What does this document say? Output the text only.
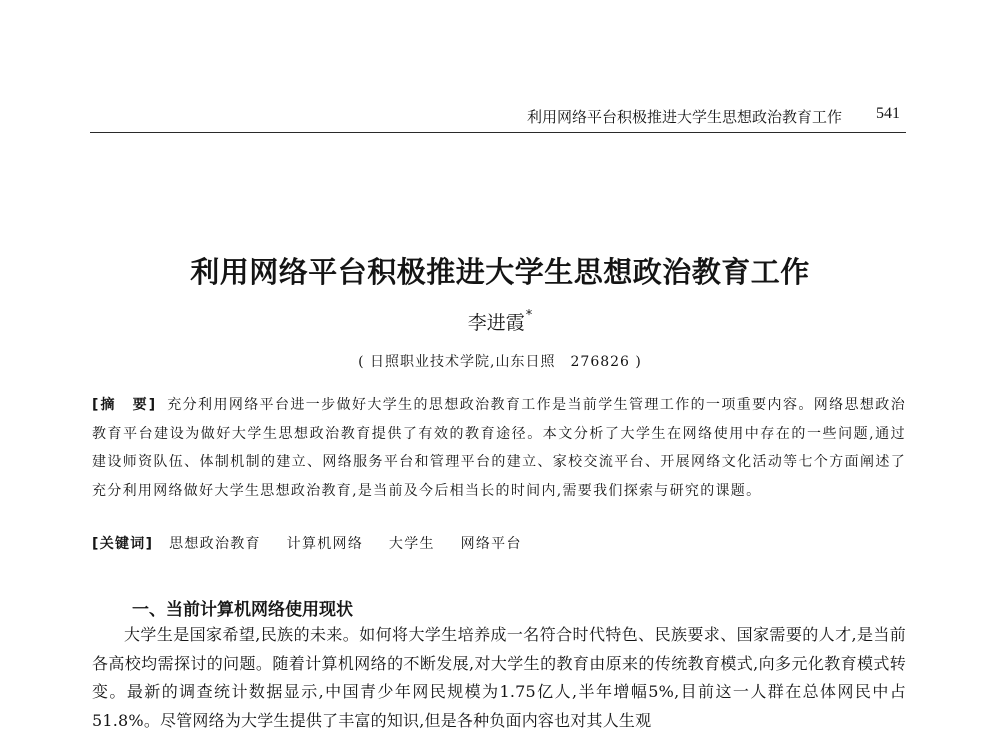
利用网络平台积极推进大学生思想政治教育工作 541
利用网络平台积极推进大学生思想政治教育工作
李进霞*
( 日照职业技术学院,山东日照　276826 )
[摘　要] 充分利用网络平台进一步做好大学生的思想政治教育工作是当前学生管理工作的一项重要内容。网络思想政治教育平台建设为做好大学生思想政治教育提供了有效的教育途径。本文分析了大学生在网络使用中存在的一些问题,通过建设师资队伍、体制机制的建立、网络服务平台和管理平台的建立、家校交流平台、开展网络文化活动等七个方面阐述了充分利用网络做好大学生思想政治教育,是当前及今后相当长的时间内,需要我们探索与研究的课题。
[关键词] 思想政治教育 计算机网络 大学生 网络平台
一、当前计算机网络使用现状
大学生是国家希望,民族的未来。如何将大学生培养成一名符合时代特色、民族要求、国家需要的人才,是当前各高校均需探讨的问题。随着计算机网络的不断发展,对大学生的教育由原来的传统教育模式,向多元化教育模式转变。最新的调查统计数据显示,中国青少年网民规模为1.75亿人,半年增幅5%,目前这一人群在总体网民中占51.8%。尽管网络为大学生提供了丰富的知识,但是各种负面内容也对其人生观
